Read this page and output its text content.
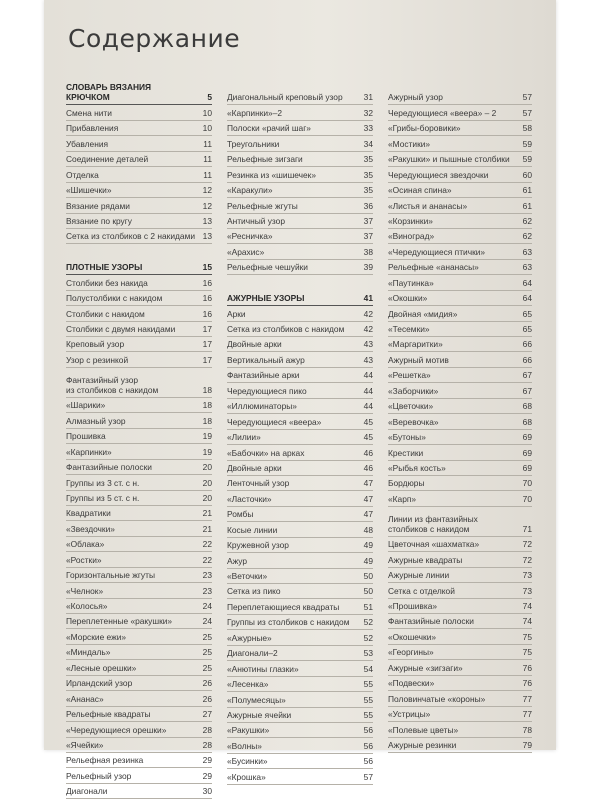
Содержание
СЛОВАРЬ ВЯЗАНИЯ КРЮЧКОМ	5
Смена нити	10
Прибавления	10
Убавления	11
Соединение деталей	11
Отделка	11
«Шишечки»	12
Вязание рядами	12
Вязание по кругу	13
Сетка из столбиков с 2 накидами 13
ПЛОТНЫЕ УЗОРЫ	15
Столбики без накида	16
Полустолбики с накидом	16
Столбики с накидом	16
Столбики с двумя накидами	17
Креповый узор	17
Узор с резинкой	17
Фантазийный узор
из столбиков с накидом	18
«Шарики»	18
Алмазный узор	18
Прошивка	19
«Карпинки»	19
Фантазийные полоски	20
Группы из 3 ст. с н.	20
Группы из 5 ст. с н.	20
Квадратики	21
«Звездочки»	21
«Облака»	22
«Ростки»	22
Горизонтальные жгуты	23
«Челнок»	23
«Колосья»	24
Переплетенные «ракушки»	24
«Морские ежи»	25
«Миндаль»	25
«Лесные орешки»	25
Ирландский узор	26
«Ананас»	26
Рельефные квадраты	27
«Чередующиеся орешки»	28
«Ячейки»	28
Рельефная резинка	29
Рельефный узор	29
Диагонали	30
Диагональный креповый узор	31
«Карпинки»–2	32
Полоски «рачий шаг»	33
Треугольники	34
Рельефные зигзаги	35
Резинка из «шишечек»	35
«Каракули»	35
Рельефные жгуты	36
Античный узор	37
«Ресничка»	37
«Арахис»	38
Рельефные чешуйки	39
АЖУРНЫЕ УЗОРЫ	41
Арки	42
Сетка из столбиков с накидом	42
Двойные арки	43
Вертикальный ажур	43
Фантазийные арки	44
Чередующиеся пико	44
«Иллюминаторы»	44
Чередующиеся «веера»	45
«Лилии»	45
«Бабочки» на арках	46
Двойные арки	46
Ленточный узор	47
«Ласточки»	47
Ромбы	47
Косые линии	48
Кружевной узор	49
Ажур	49
«Веточки»	50
Сетка из пико	50
Переплетающиеся квадраты	51
Группы из столбиков с накидом	52
«Ажурные»	52
Диагонали–2	53
«Анютины глазки»	54
«Лесенка»	55
«Полумесяцы»	55
Ажурные ячейки	55
«Ракушки»	56
«Волны»	56
«Бусинки»	56
«Крошка»	57
Ажурный узор	57
Чередующиеся «веера» – 2	57
«Грибы-боровики»	58
«Мостики»	59
«Ракушки» и пышные столбики	59
Чередующиеся звездочки	60
«Осиная спина»	61
«Листья и ананасы»	61
«Корзинки»	62
«Виноград»	62
«Чередующиеся птички»	63
Рельефные «ананасы»	63
«Паутинка»	64
«Окошки»	64
Двойная «мидия»	65
«Тесемки»	65
«Маргаритки»	66
Ажурный мотив	66
«Решетка»	67
«Заборчики»	67
«Цветочки»	68
«Веревочка»	68
«Бутоны»	69
Крестики	69
«Рыбья кость»	69
Бордюры	70
«Карп»	70
Линии из фантазийных
столбиков с накидом	71
Цветочная «шахматка»	72
Ажурные квадраты	72
Ажурные линии	73
Сетка с отделкой	73
«Прошивка»	74
Фантазийные полоски	74
«Окошечки»	75
«Георгины»	75
Ажурные «зигзаги»	76
«Подвески»	76
Половинчатые «короны»	77
«Устрицы»	77
«Полевые цветы»	78
Ажурные резинки	79
